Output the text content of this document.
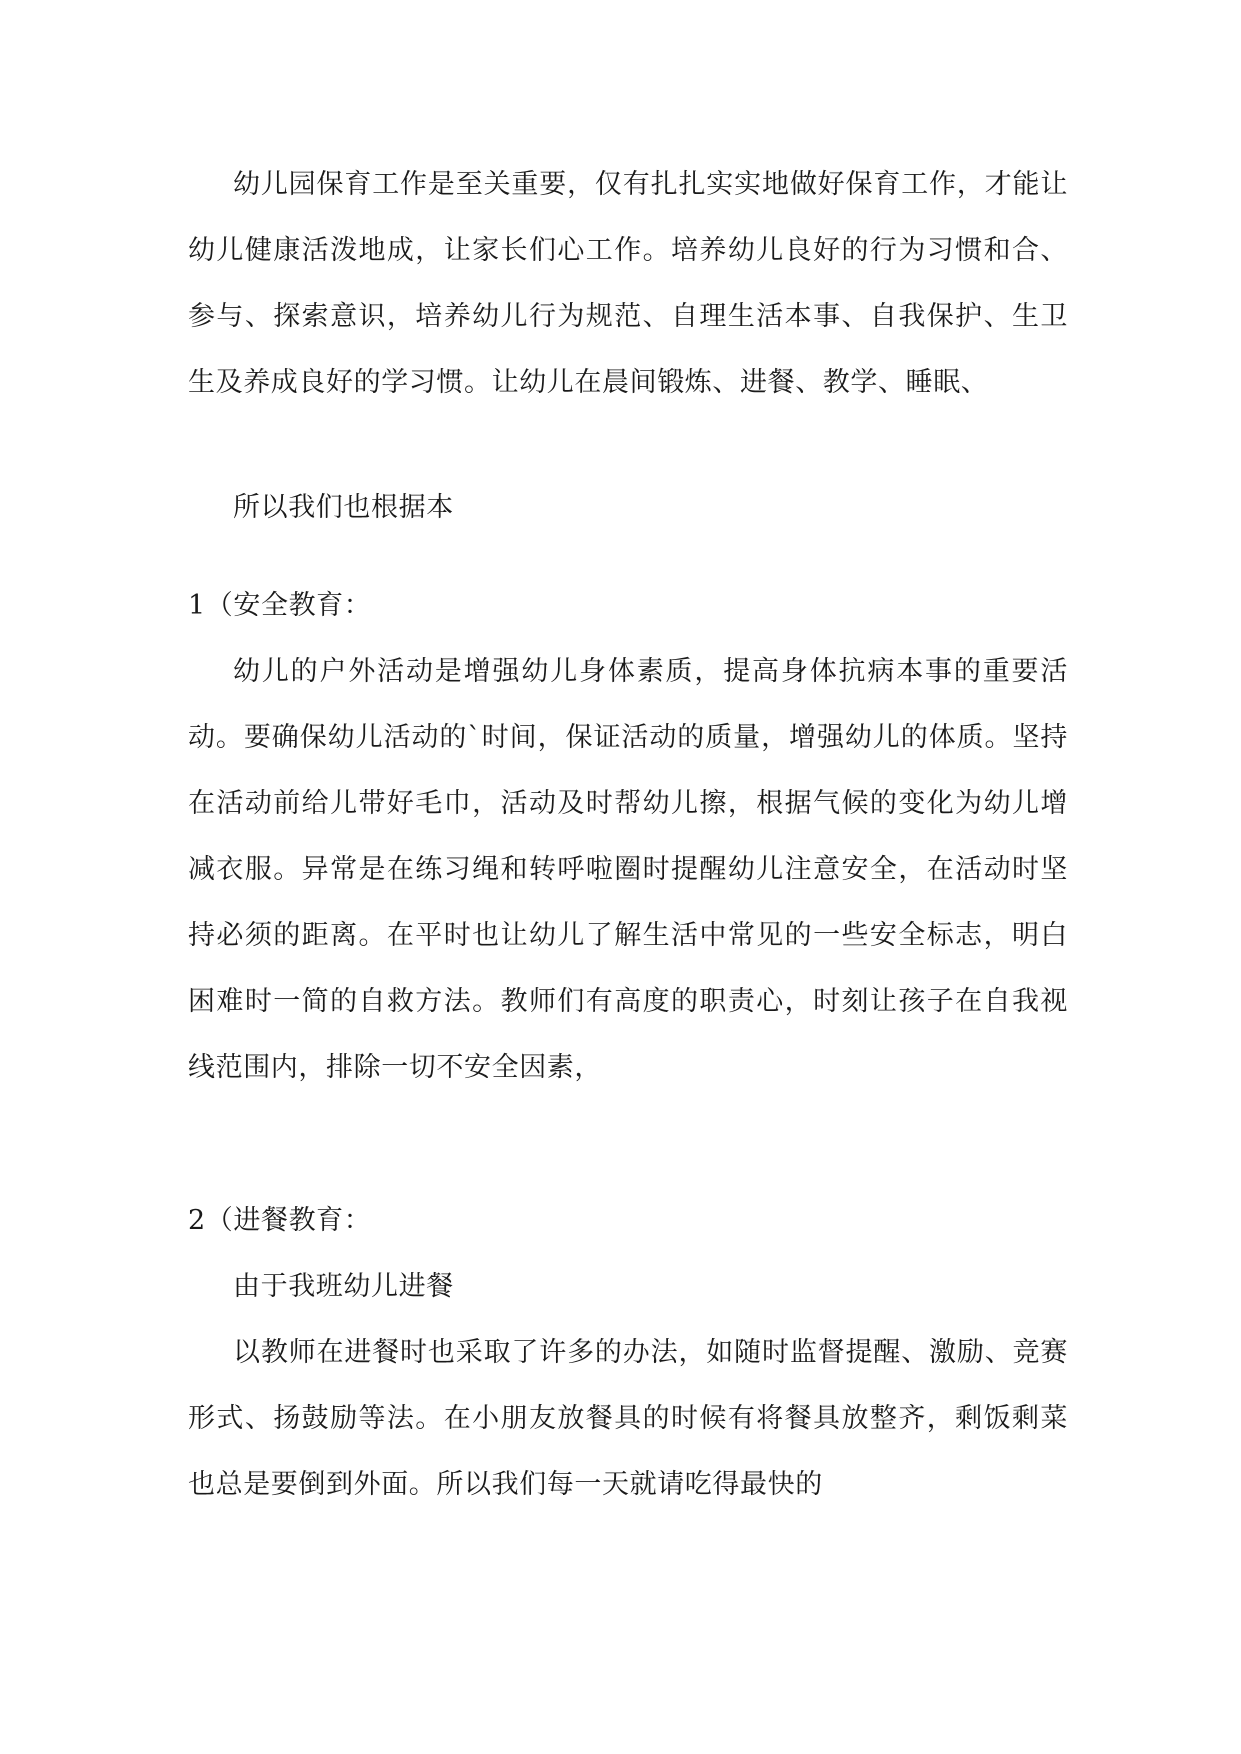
幼儿园保育工作是至关重要，仅有扎扎实实地做好保育工作，才能让幼儿健康活泼地成，让家长们心工作。培养幼儿良好的行为习惯和合、参与、探索意识，培养幼儿行为规范、自理生活本事、自我保护、生卫生及养成良好的学习惯。让幼儿在晨间锻炼、进餐、教学、睡眠、

所以我们也根据本

1（安全教育：

幼儿的户外活动是增强幼儿身体素质，提高身体抗病本事的重要活动。要确保幼儿活动的`时间，保证活动的质量，增强幼儿的体质。坚持在活动前给儿带好毛巾，活动及时帮幼儿擦，根据气候的变化为幼儿增减衣服。异常是在练习绳和转呼啦圈时提醒幼儿注意安全，在活动时坚持必须的距离。在平时也让幼儿了解生活中常见的一些安全标志，明白困难时一简的自救方法。教师们有高度的职责心，时刻让孩子在自我视线范围内，排除一切不安全因素，

2（进餐教育：

由于我班幼儿进餐

以教师在进餐时也采取了许多的办法，如随时监督提醒、激励、竞赛形式、扬鼓励等法。在小朋友放餐具的时候有将餐具放整齐，剩饭剩菜也总是要倒到外面。所以我们每一天就请吃得最快的
